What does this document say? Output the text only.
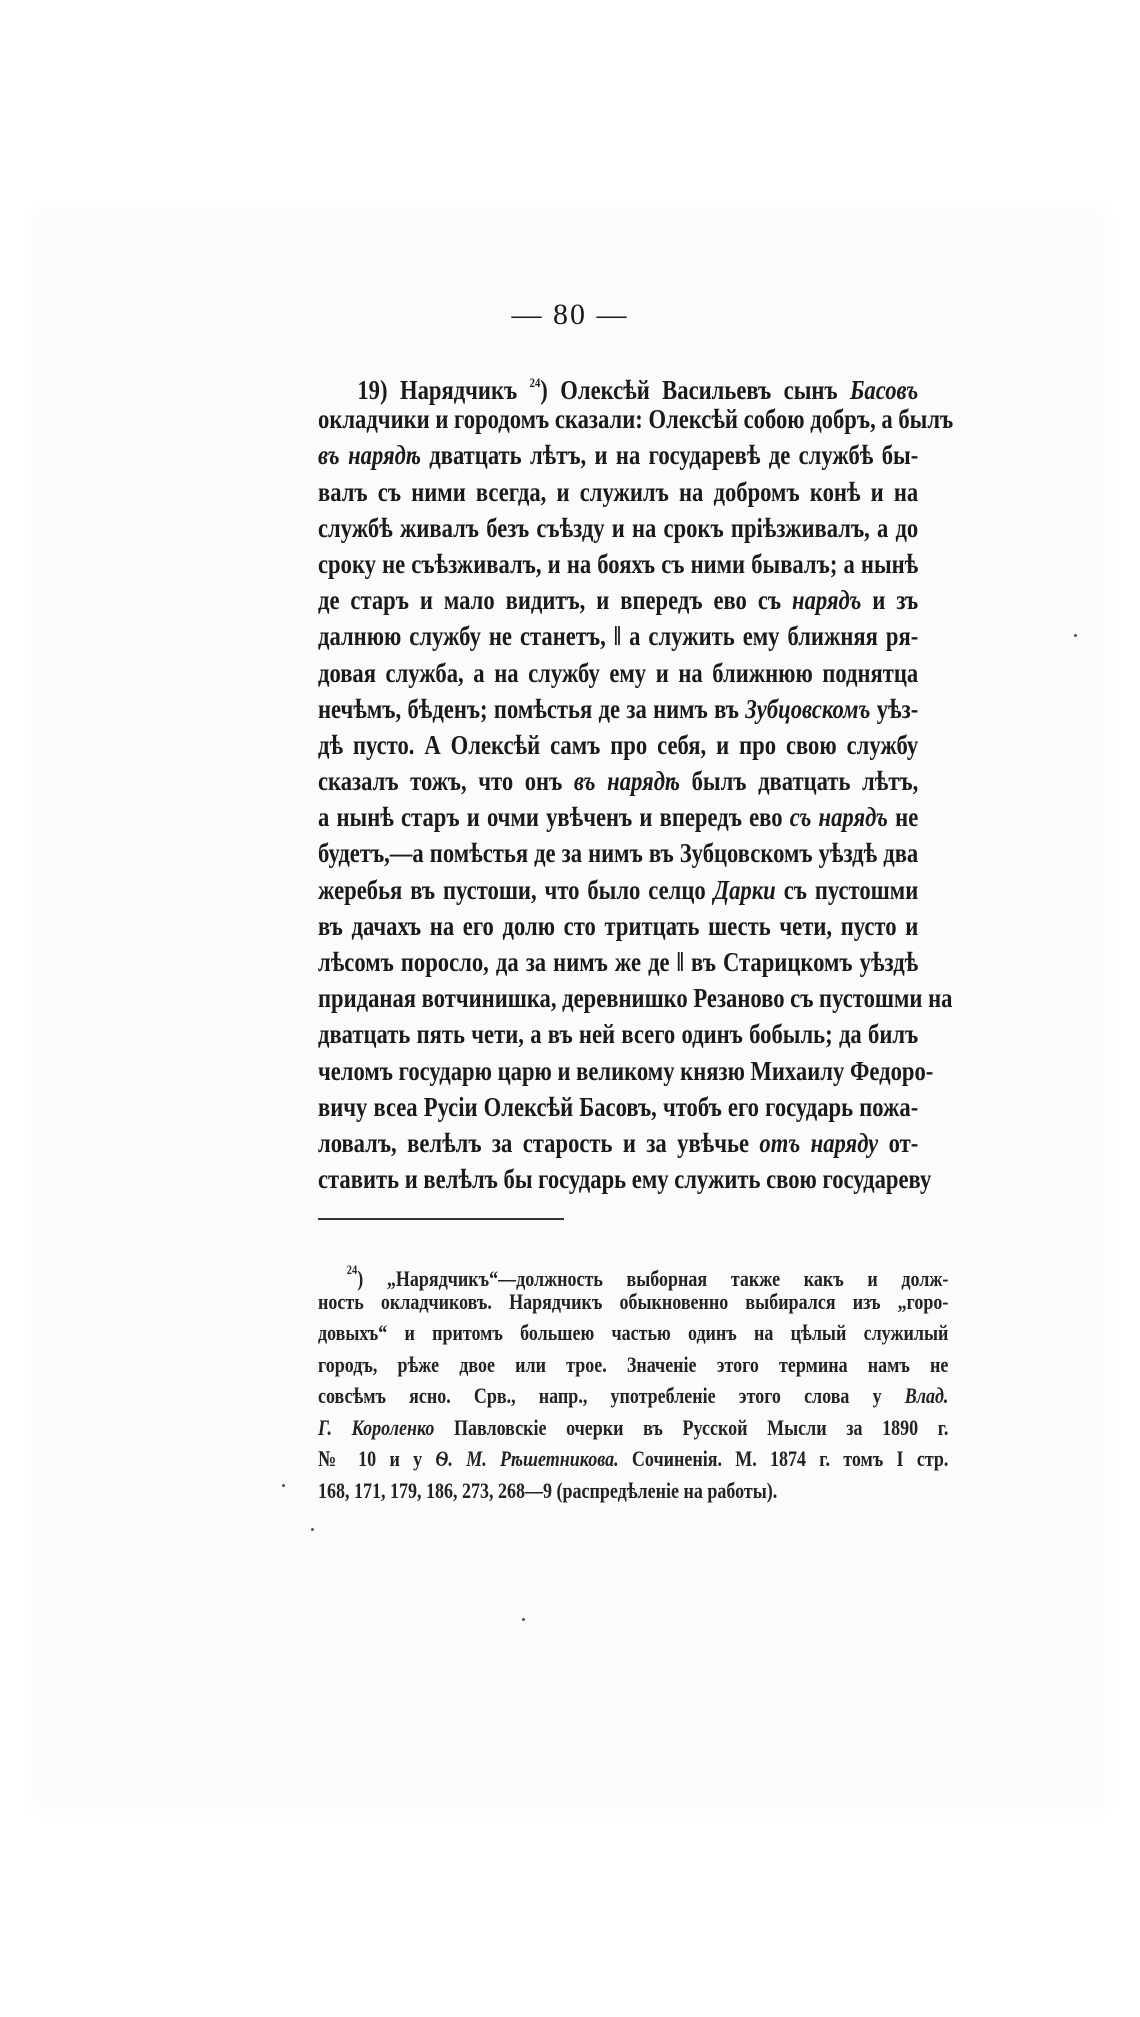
— 80 —
19) Нарядчикъ $^{24}$) Олексѣй Васильевъ сынъ Басовъ
окладчики и городомъ сказали: Олексѣй собою добръ, а былъ
въ нарядѣ дватцать лѣтъ, и на государевѣ де службѣ бы-
валъ съ ними всегда, и служилъ на добромъ конѣ и на
службѣ живалъ безъ съѣзду и на срокъ пріѣзживалъ, а до
сроку не съѣзживалъ, и на бояхъ съ ними бывалъ; а нынѣ
де старъ и мало видитъ, и впередъ ево съ нарядъ и зъ
далнюю службу не станетъ, ‖ а служить ему ближняя ря-
довая служба, а на службу ему и на ближнюю поднятца
нечѣмъ, бѣденъ; помѣстья де за нимъ въ Зубцовскомъ уѣз-
дѣ пусто. А Олексѣй самъ про себя, и про свою службу
сказалъ тожъ, что онъ въ нарядѣ былъ дватцать лѣтъ,
а нынѣ старъ и очми увѣченъ и впередъ ево съ нарядъ не
будетъ,—а помѣстья де за нимъ въ Зубцовскомъ уѣздѣ два
жеребья въ пустоши, что было селцо Дарки съ пустошми
въ дачахъ на его долю сто тритцать шесть чети, пусто и
лѣсомъ поросло, да за нимъ же де ‖ въ Старицкомъ уѣздѣ
приданая вотчинишка, деревнишко Резаново съ пустошми на
дватцать пять чети, а въ ней всего одинъ бобыль; да билъ
челомъ государю царю и великому князю Михаилу Федоро-
вичу всеа Русіи Олексѣй Басовъ, чтобъ его государь пожа-
ловалъ, велѣлъ за старость и за увѣчье отъ наряду от-
ставить и велѣлъ бы государь ему служить свою государеву
$^{24}$) „Нарядчикъ“—должность выборная также какъ и долж-
ность окладчиковъ. Нарядчикъ обыкновенно выбирался изъ „горо-
довыхъ“ и притомъ большею частью одинъ на цѣлый служилый
городъ, рѣже двое или трое. Значеніе этого термина намъ не
совсѣмъ ясно. Срв., напр., употребленіе этого слова у Влад.
Г. Короленко Павловскіе очерки въ Русской Мысли за 1890 г.
№ 10 и у Ѳ. М. Рѣшетникова. Сочиненія. М. 1874 г. томъ I стр.
168, 171, 179, 186, 273, 268—9 (распредѣленіе на работы).
